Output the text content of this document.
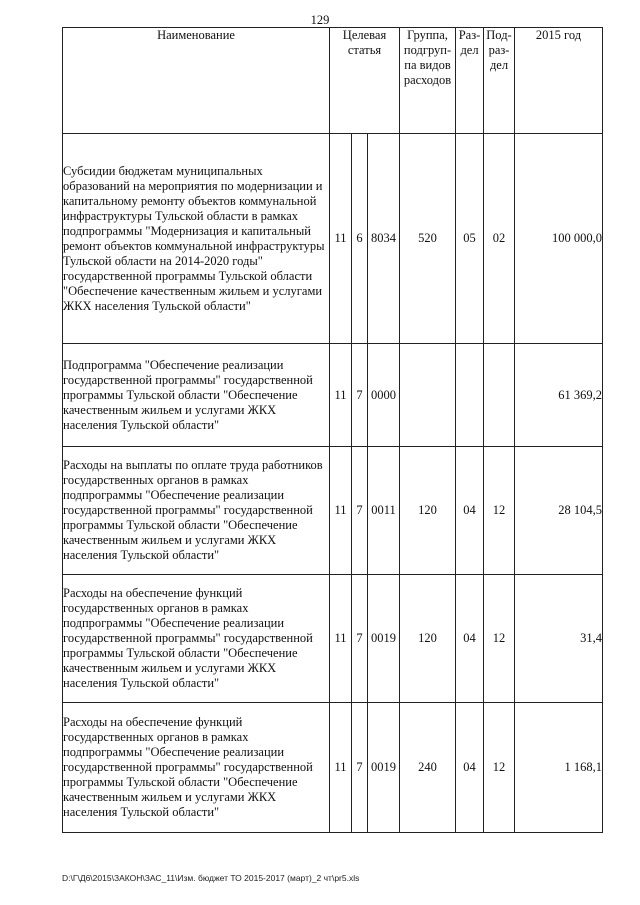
129
Наименование	Целевая статья			Группа, подгруп-па видов расходов	Раз-дел	Под-раз-дел	2015 год
Субсидии бюджетам муниципальных образований на мероприятия по модернизации и капитальному ремонту объектов коммунальной инфраструктуры Тульской области в рамках подпрограммы "Модернизация и капитальный ремонт объектов коммунальной инфраструктуры Тульской области на 2014-2020 годы" государственной программы Тульской области "Обеспечение качественным жильем и услугами ЖКХ населения Тульской области"	11	6	8034	520	05	02	100 000,0
Подпрограмма "Обеспечение реализации государственной программы" государственной программы Тульской области "Обеспечение качественным жильем и услугами ЖКХ населения Тульской области"	11	7	0000				61 369,2
Расходы на выплаты по оплате труда работников государственных органов в рамках подпрограммы "Обеспечение реализации государственной программы" государственной программы Тульской области "Обеспечение качественным жильем и услугами ЖКХ населения Тульской области"	11	7	0011	120	04	12	28 104,5
Расходы на обеспечение функций государственных органов в рамках подпрограммы "Обеспечение реализации государственной программы" государственной программы Тульской области "Обеспечение качественным жильем и услугами ЖКХ населения Тульской области"	11	7	0019	120	04	12	31,4
Расходы на обеспечение функций государственных органов в рамках подпрограммы "Обеспечение реализации государственной программы" государственной программы Тульской области "Обеспечение качественным жильем и услугами ЖКХ населения Тульской области"	11	7	0019	240	04	12	1 168,1
D:\Г\Д6\2015\ЗАКОН\ЗАС_11\Изм. бюджет ТО 2015-2017 (март)_2 чт\рr5.xls
